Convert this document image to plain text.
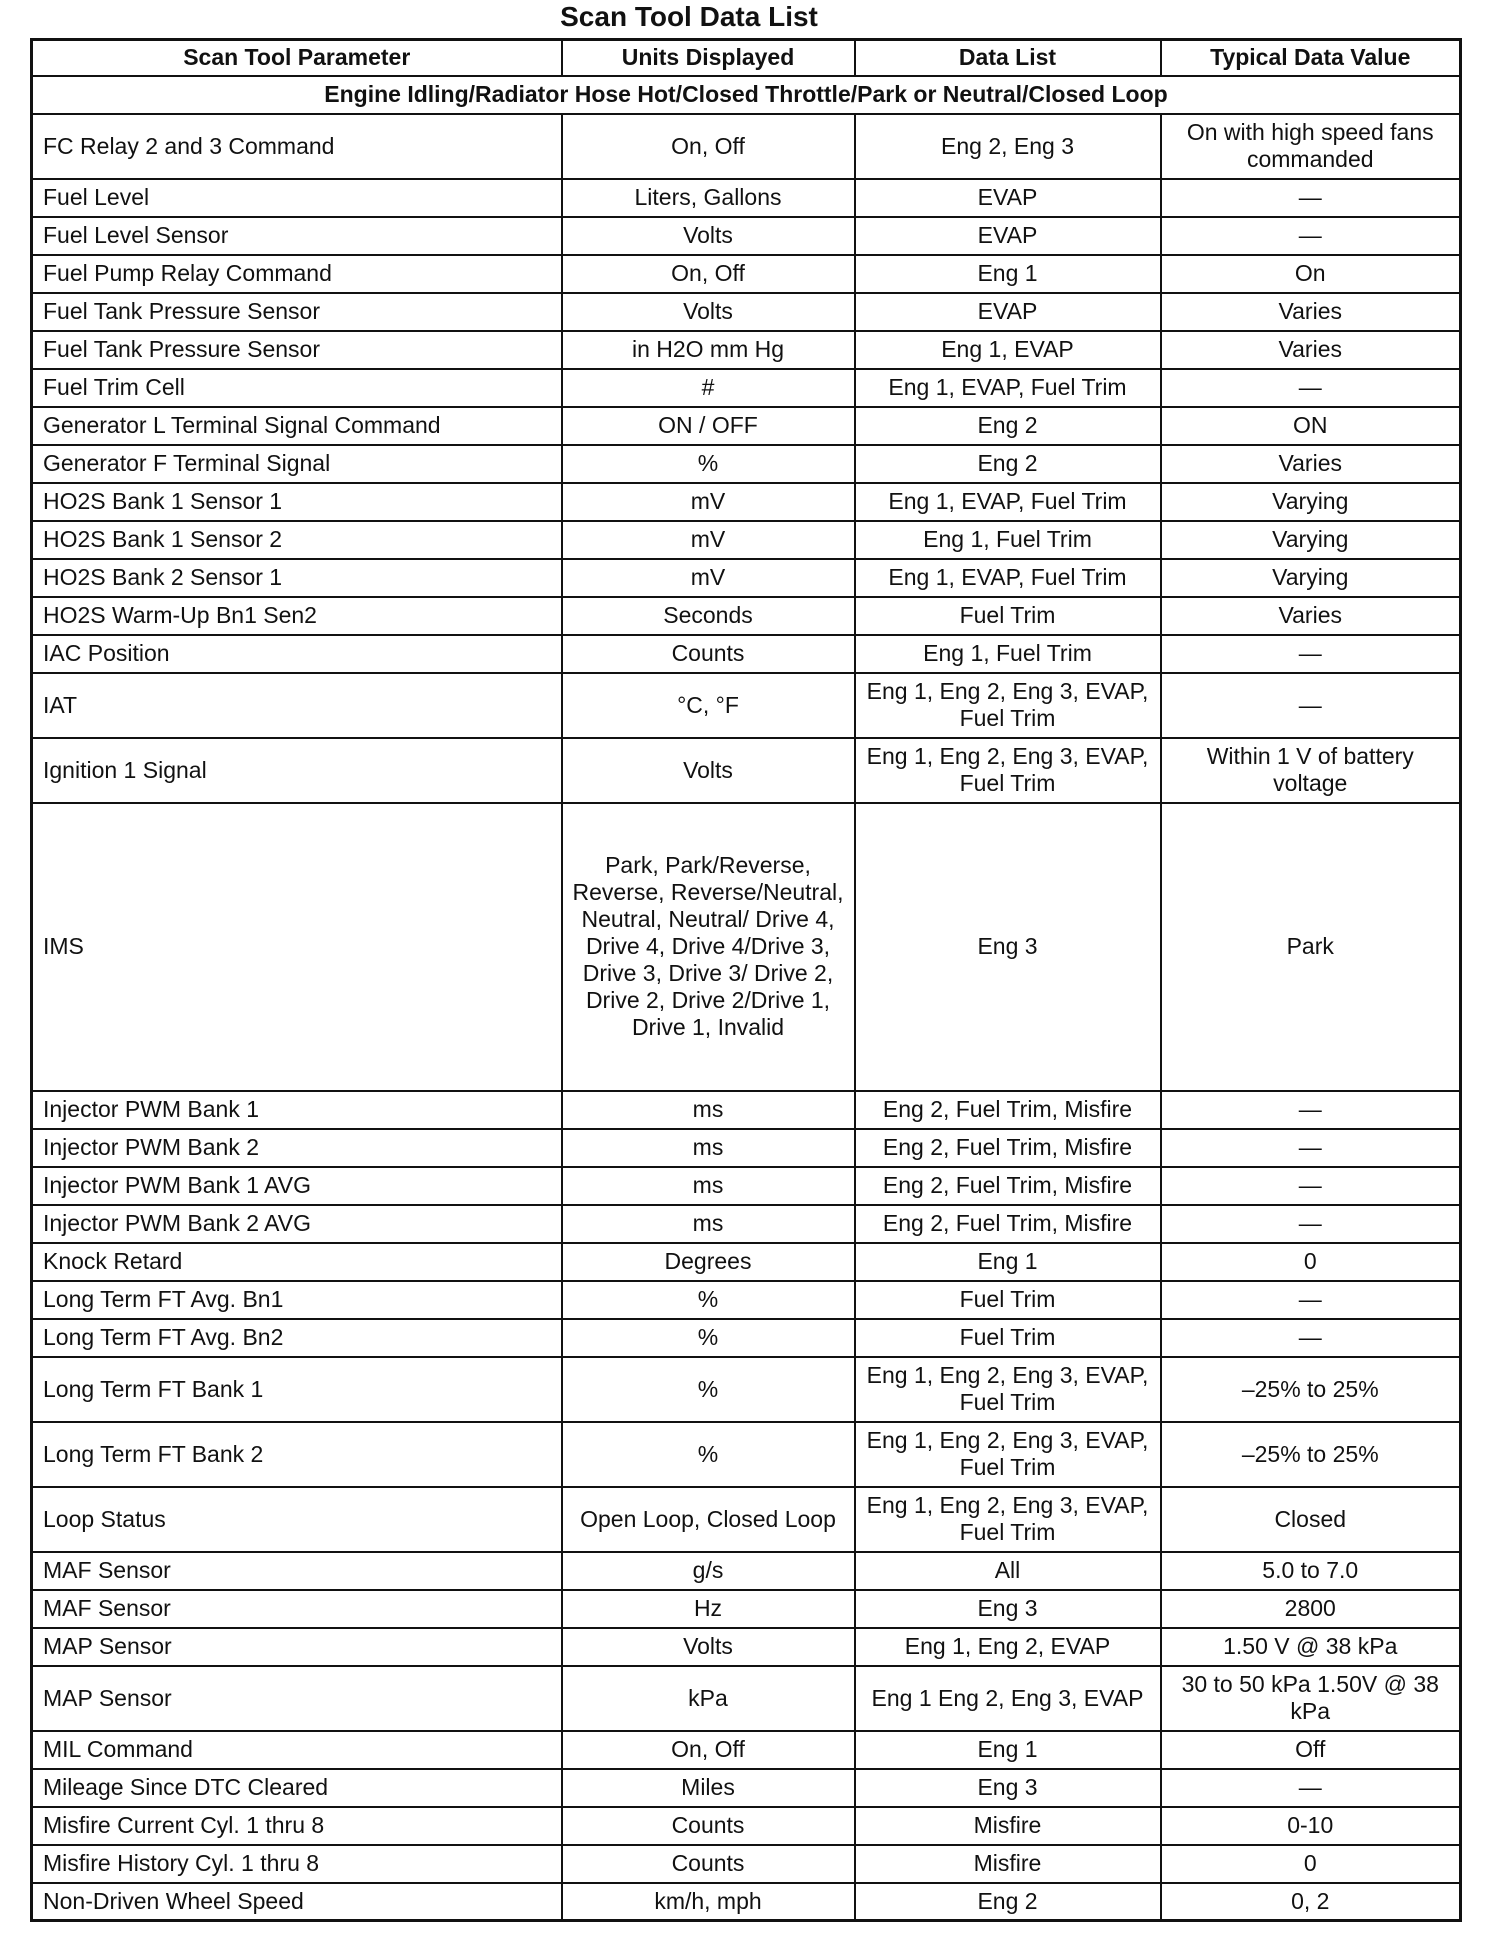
Scan Tool Data List
Scan Tool Parameter	Units Displayed	Data List	Typical Data Value
Engine Idling/Radiator Hose Hot/Closed Throttle/Park or Neutral/Closed Loop			
FC Relay 2 and 3 Command	On, Off	Eng 2, Eng 3	On with high speed fans commanded
Fuel Level	Liters, Gallons	EVAP	—
Fuel Level Sensor	Volts	EVAP	—
Fuel Pump Relay Command	On, Off	Eng 1	On
Fuel Tank Pressure Sensor	Volts	EVAP	Varies
Fuel Tank Pressure Sensor	in H2O mm Hg	Eng 1, EVAP	Varies
Fuel Trim Cell	#	Eng 1, EVAP, Fuel Trim	—
Generator L Terminal Signal Command	ON / OFF	Eng 2	ON
Generator F Terminal Signal	%	Eng 2	Varies
HO2S Bank 1 Sensor 1	mV	Eng 1, EVAP, Fuel Trim	Varying
HO2S Bank 1 Sensor 2	mV	Eng 1, Fuel Trim	Varying
HO2S Bank 2 Sensor 1	mV	Eng 1, EVAP, Fuel Trim	Varying
HO2S Warm-Up Bn1 Sen2	Seconds	Fuel Trim	Varies
IAC Position	Counts	Eng 1, Fuel Trim	—
IAT	°C, °F	Eng 1, Eng 2, Eng 3, EVAP, Fuel Trim	—
Ignition 1 Signal	Volts	Eng 1, Eng 2, Eng 3, EVAP, Fuel Trim	Within 1 V of battery voltage
IMS	Park, Park/Reverse, Reverse, Reverse/Neutral, Neutral, Neutral/ Drive 4, Drive 4, Drive 4/Drive 3, Drive 3, Drive 3/ Drive 2, Drive 2, Drive 2/Drive 1, Drive 1, Invalid	Eng 3	Park
Injector PWM Bank 1	ms	Eng 2, Fuel Trim, Misfire	—
Injector PWM Bank 2	ms	Eng 2, Fuel Trim, Misfire	—
Injector PWM Bank 1 AVG	ms	Eng 2, Fuel Trim, Misfire	—
Injector PWM Bank 2 AVG	ms	Eng 2, Fuel Trim, Misfire	—
Knock Retard	Degrees	Eng 1	0
Long Term FT Avg. Bn1	%	Fuel Trim	—
Long Term FT Avg. Bn2	%	Fuel Trim	—
Long Term FT Bank 1	%	Eng 1, Eng 2, Eng 3, EVAP, Fuel Trim	–25% to 25%
Long Term FT Bank 2	%	Eng 1, Eng 2, Eng 3, EVAP, Fuel Trim	–25% to 25%
Loop Status	Open Loop, Closed Loop	Eng 1, Eng 2, Eng 3, EVAP, Fuel Trim	Closed
MAF Sensor	g/s	All	5.0 to 7.0
MAF Sensor	Hz	Eng 3	2800
MAP Sensor	Volts	Eng 1, Eng 2, EVAP	1.50 V @ 38 kPa
MAP Sensor	kPa	Eng 1 Eng 2, Eng 3, EVAP	30 to 50 kPa 1.50V @ 38 kPa
MIL Command	On, Off	Eng 1	Off
Mileage Since DTC Cleared	Miles	Eng 3	—
Misfire Current Cyl. 1 thru 8	Counts	Misfire	0-10
Misfire History Cyl. 1 thru 8	Counts	Misfire	0
Non-Driven Wheel Speed	km/h, mph	Eng 2	0, 2
